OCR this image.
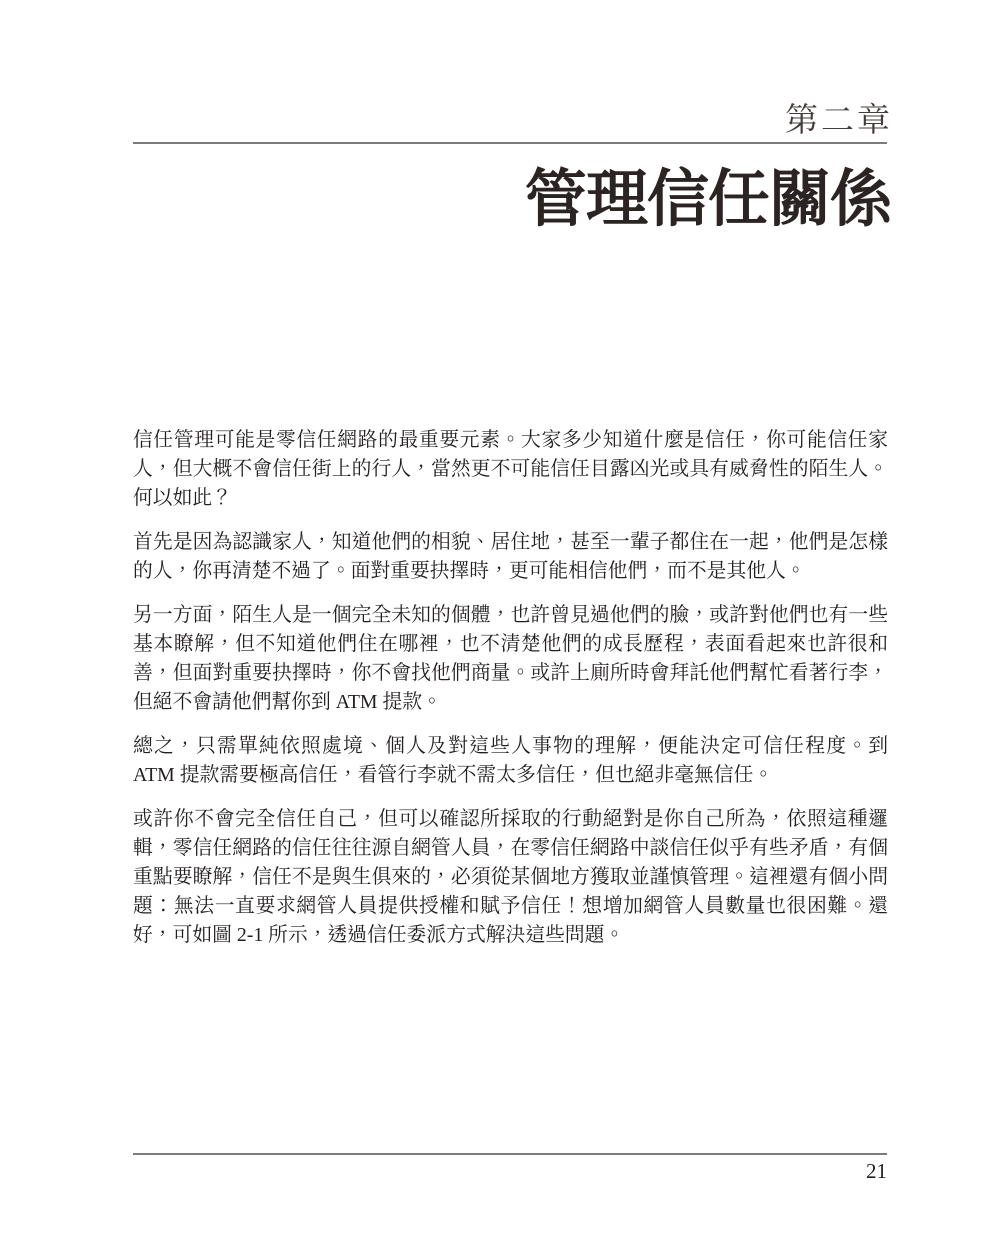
第二章
管理信任關係

信任管理可能是零信任網路的最重要元素。大家多少知道什麼是信任，你可能信任家人，但大概不會信任街上的行人，當然更不可能信任目露凶光或具有威脅性的陌生人。何以如此？

首先是因為認識家人，知道他們的相貌、居住地，甚至一輩子都住在一起，他們是怎樣的人，你再清楚不過了。面對重要抉擇時，更可能相信他們，而不是其他人。

另一方面，陌生人是一個完全未知的個體，也許曾見過他們的臉，或許對他們也有一些基本瞭解，但不知道他們住在哪裡，也不清楚他們的成長歷程，表面看起來也許很和善，但面對重要抉擇時，你不會找他們商量。或許上廁所時會拜託他們幫忙看著行李，但絕不會請他們幫你到 ATM 提款。

總之，只需單純依照處境、個人及對這些人事物的理解，便能決定可信任程度。到 ATM 提款需要極高信任，看管行李就不需太多信任，但也絕非毫無信任。

或許你不會完全信任自己，但可以確認所採取的行動絕對是你自己所為，依照這種邏輯，零信任網路的信任往往源自網管人員，在零信任網路中談信任似乎有些矛盾，有個重點要瞭解，信任不是與生俱來的，必須從某個地方獲取並謹慎管理。這裡還有個小問題：無法一直要求網管人員提供授權和賦予信任！想增加網管人員數量也很困難。還好，可如圖 2-1 所示，透過信任委派方式解決這些問題。

21
